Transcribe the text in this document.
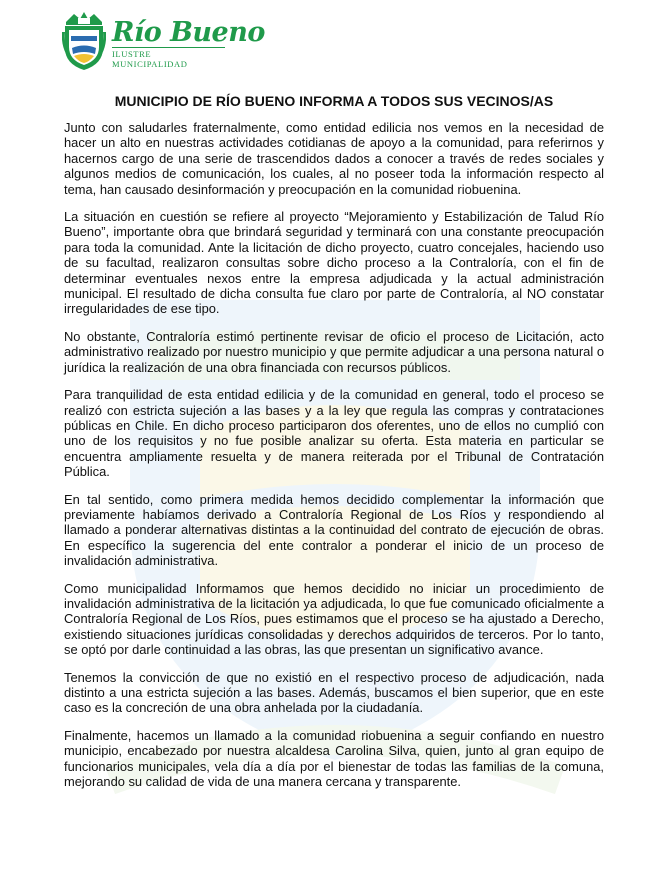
Río Bueno
ILUSTRE MUNICIPALIDAD
MUNICIPIO DE RÍO BUENO INFORMA A TODOS SUS VECINOS/AS

Junto con saludarles fraternalmente, como entidad edilicia nos vemos en la necesidad de hacer un alto en nuestras actividades cotidianas de apoyo a la comunidad, para referirnos y hacernos cargo de una serie de trascendidos dados a conocer a través de redes sociales y algunos medios de comunicación, los cuales, al no poseer toda la información respecto al tema, han causado desinformación y preocupación en la comunidad riobuenina.

La situación en cuestión se refiere al proyecto “Mejoramiento y Estabilización de Talud Río Bueno”, importante obra que brindará seguridad y terminará con una constante preocupación para toda la comunidad. Ante la licitación de dicho proyecto, cuatro concejales, haciendo uso de su facultad, realizaron consultas sobre dicho proceso a la Contraloría, con el fin de determinar eventuales nexos entre la empresa adjudicada y la actual administración municipal. El resultado de dicha consulta fue claro por parte de Contraloría, al NO constatar irregularidades de ese tipo.

No obstante, Contraloría estimó pertinente revisar de oficio el proceso de Licitación, acto administrativo realizado por nuestro municipio y que permite adjudicar a una persona natural o jurídica la realización de una obra financiada con recursos públicos.

Para tranquilidad de esta entidad edilicia y de la comunidad en general, todo el proceso se realizó con estricta sujeción a las bases y a la ley que regula las compras y contrataciones públicas en Chile. En dicho proceso participaron dos oferentes, uno de ellos no cumplió con uno de los requisitos y no fue posible analizar su oferta. Esta materia en particular se encuentra ampliamente resuelta y de manera reiterada por el Tribunal de Contratación Pública.

En tal sentido, como primera medida hemos decidido complementar la información que previamente habíamos derivado a Contraloría Regional de Los Ríos y respondiendo al llamado a ponderar alternativas distintas a la continuidad del contrato de ejecución de obras. En específico la sugerencia del ente contralor a ponderar el inicio de un proceso de invalidación administrativa.

Como municipalidad Informamos que hemos decidido no iniciar un procedimiento de invalidación administrativa de la licitación ya adjudicada, lo que fue comunicado oficialmente a Contraloría Regional de Los Ríos, pues estimamos que el proceso se ha ajustado a Derecho, existiendo situaciones jurídicas consolidadas y derechos adquiridos de terceros. Por lo tanto, se optó por darle continuidad a las obras, las que presentan un significativo avance.

Tenemos la convicción de que no existió en el respectivo proceso de adjudicación, nada distinto a una estricta sujeción a las bases. Además, buscamos el bien superior, que en este caso es la concreción de una obra anhelada por la ciudadanía.

Finalmente, hacemos un llamado a la comunidad riobuenina a seguir confiando en nuestro municipio, encabezado por nuestra alcaldesa Carolina Silva, quien, junto al gran equipo de funcionarios municipales, vela día a día por el bienestar de todas las familias de la comuna, mejorando su calidad de vida de una manera cercana y transparente.
